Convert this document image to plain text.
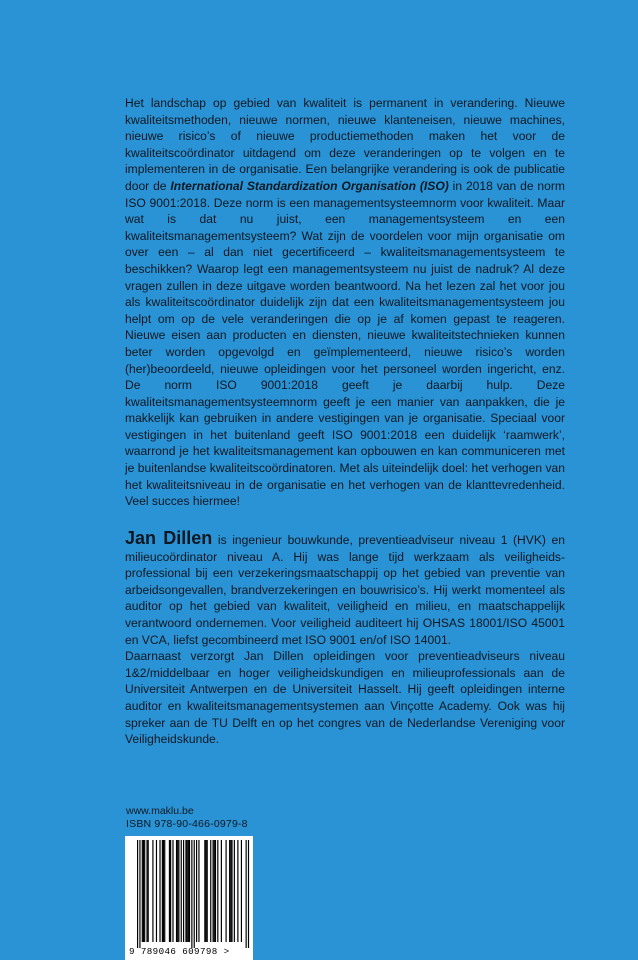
Het landschap op gebied van kwaliteit is permanent in verandering. Nieuwe kwaliteitsmethoden, nieuwe normen, nieuwe klanteneisen, nieuwe machines, nieuwe risico’s of nieuwe productiemethoden maken het voor de kwaliteitscoördinator uitdagend om deze veranderingen op te volgen en te implementeren in de organisatie. Een belangrijke verandering is ook de publicatie door de International Standardization Organisation (ISO) in 2018 van de norm ISO 9001:2018. Deze norm is een managementsysteemnorm voor kwaliteit. Maar wat is dat nu juist, een managementsysteem en een kwaliteitsmanagementsysteem? Wat zijn de voordelen voor mijn organisatie om over een – al dan niet gecertificeerd – kwaliteitsmanagementsysteem te beschikken? Waarop legt een managementsysteem nu juist de nadruk? Al deze vragen zullen in deze uitgave worden beantwoord. Na het lezen zal het voor jou als kwaliteitscoördinator duidelijk zijn dat een kwaliteitsmanagementsysteem jou helpt om op de vele veranderingen die op je af komen gepast te reageren. Nieuwe eisen aan producten en diensten, nieuwe kwaliteitstechnieken kunnen beter worden opgevolgd en geïmplementeerd, nieuwe risico’s worden (her)beoordeeld, nieuwe opleidingen voor het personeel worden ingericht, enz. De norm ISO 9001:2018 geeft je daarbij hulp. Deze kwaliteitsmanagementsysteemnorm geeft je een manier van aanpakken, die je makkelijk kan gebruiken in andere vestigingen van je organisatie. Speciaal voor vestigingen in het buitenland geeft ISO 9001:2018 een duidelijk ‘raamwerk’, waarrond je het kwaliteitsmanagement kan opbouwen en kan communiceren met je buitenlandse kwaliteitscoördinatoren. Met als uiteindelijk doel: het verhogen van het kwaliteitsniveau in de organisatie en het verhogen van de klanttevredenheid. Veel succes hiermee!

Jan Dillen is ingenieur bouwkunde, preventieadviseur niveau 1 (HVK) en milieucoördinator niveau A. Hij was lange tijd werkzaam als veiligheidsprofessional bij een verzekeringsmaatschappij op het gebied van preventie van arbeidsongevallen, brandverzekeringen en bouwrisico’s. Hij werkt momenteel als auditor op het gebied van kwaliteit, veiligheid en milieu, en maatschappelijk verantwoord ondernemen. Voor veiligheid auditeert hij OHSAS 18001/ISO 45001 en VCA, liefst gecombineerd met ISO 9001 en/of ISO 14001.

Daarnaast verzorgt Jan Dillen opleidingen voor preventieadviseurs niveau 1&2/middelbaar en hoger veiligheidskundigen en milieuprofessionals aan de Universiteit Antwerpen en de Universiteit Hasselt. Hij geeft opleidingen interne auditor en kwaliteitsmanagementsystemen aan Vinçotte Academy. Ook was hij spreker aan de TU Delft en op het congres van de Nederlandse Vereniging voor Veiligheidskunde.

www.maklu.be
ISBN 978-90-466-0979-8
9 789046 609798 >
